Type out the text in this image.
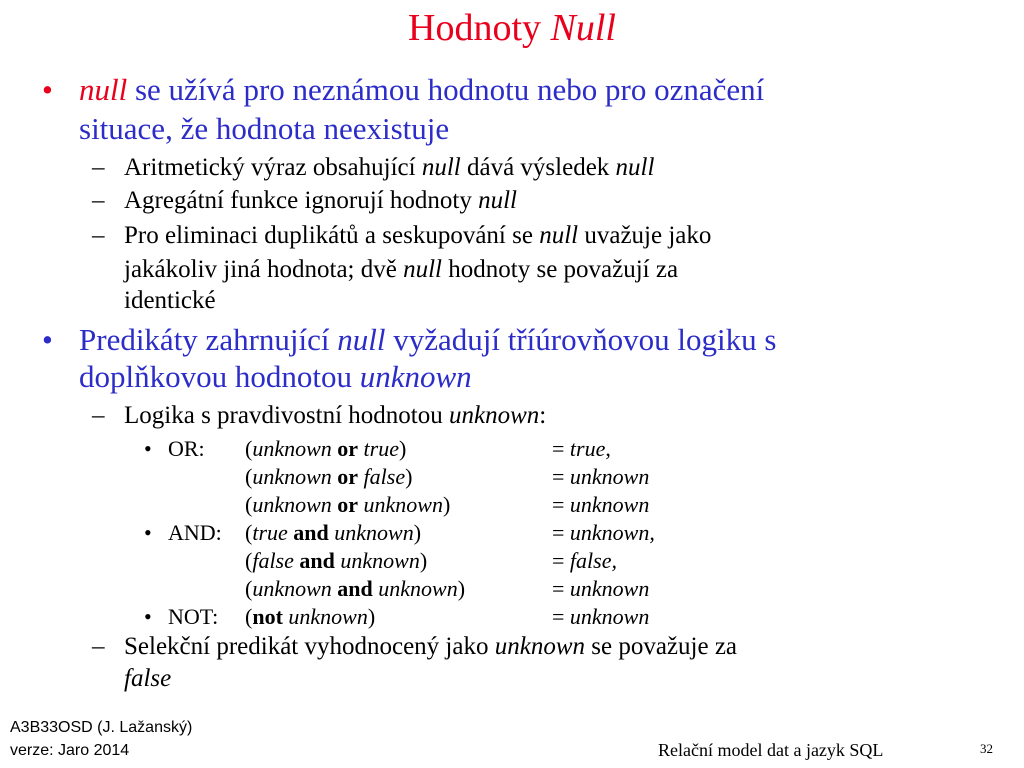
Hodnoty Null
• null se užívá pro neznámou hodnotu nebo pro označení
situace, že hodnota neexistuje
– Aritmetický výraz obsahující null dává výsledek null
– Agregátní funkce ignorují hodnoty null
– Pro eliminaci duplikátů a seskupování se null uvažuje jako
jakákoliv jiná hodnota; dvě null hodnoty se považují za
identické
• Predikáty zahrnující null vyžadují tříúrovňovou logiku s
doplňkovou hodnotou unknown
– Logika s pravdivostní hodnotou unknown:
• OR: (unknown or true)	= true,
(unknown or false)	= unknown
(unknown or unknown)	= unknown
• AND: (true and unknown)	= unknown,
(false and unknown)	= false,
(unknown and unknown)	= unknown
• NOT: (not unknown)	= unknown
– Selekční predikát vyhodnocený jako unknown se považuje za
false
A3B33OSD (J. Lažanský)
verze: Jaro 2014	Relační model dat a jazyk SQL	32
